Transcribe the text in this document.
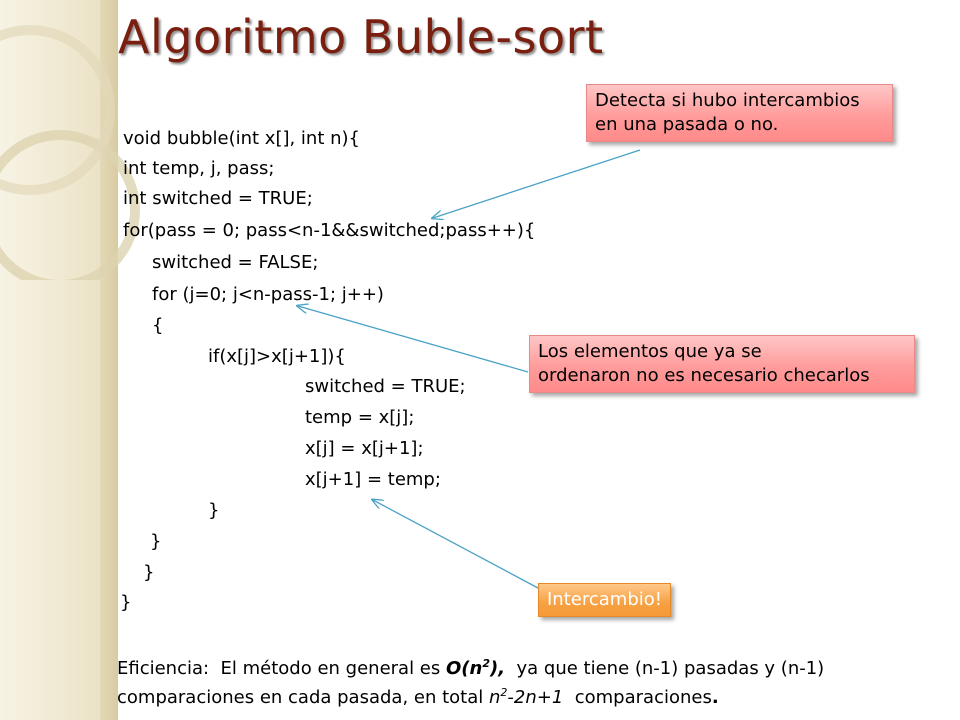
Algoritmo Buble-sort
void bubble(int x[], int n){
int temp, j, pass;
int switched = TRUE;
for(pass = 0; pass<n-1&&switched;pass++){
switched = FALSE;
for (j=0; j<n-pass-1; j++)
{
if(x[j]>x[j+1]){
switched = TRUE;
temp = x[j];
x[j] = x[j+1];
x[j+1] = temp;
}
}
}
}
Detecta si hubo intercambios
en una pasada o no.
Los elementos que ya se
ordenaron no es necesario checarlos
Intercambio!
Eficiencia:  El método en general es $O(n^2)$,  ya que tiene (n-1) pasadas y (n-1)
comparaciones en cada pasada, en total $n^2-2n+1$  comparaciones.
